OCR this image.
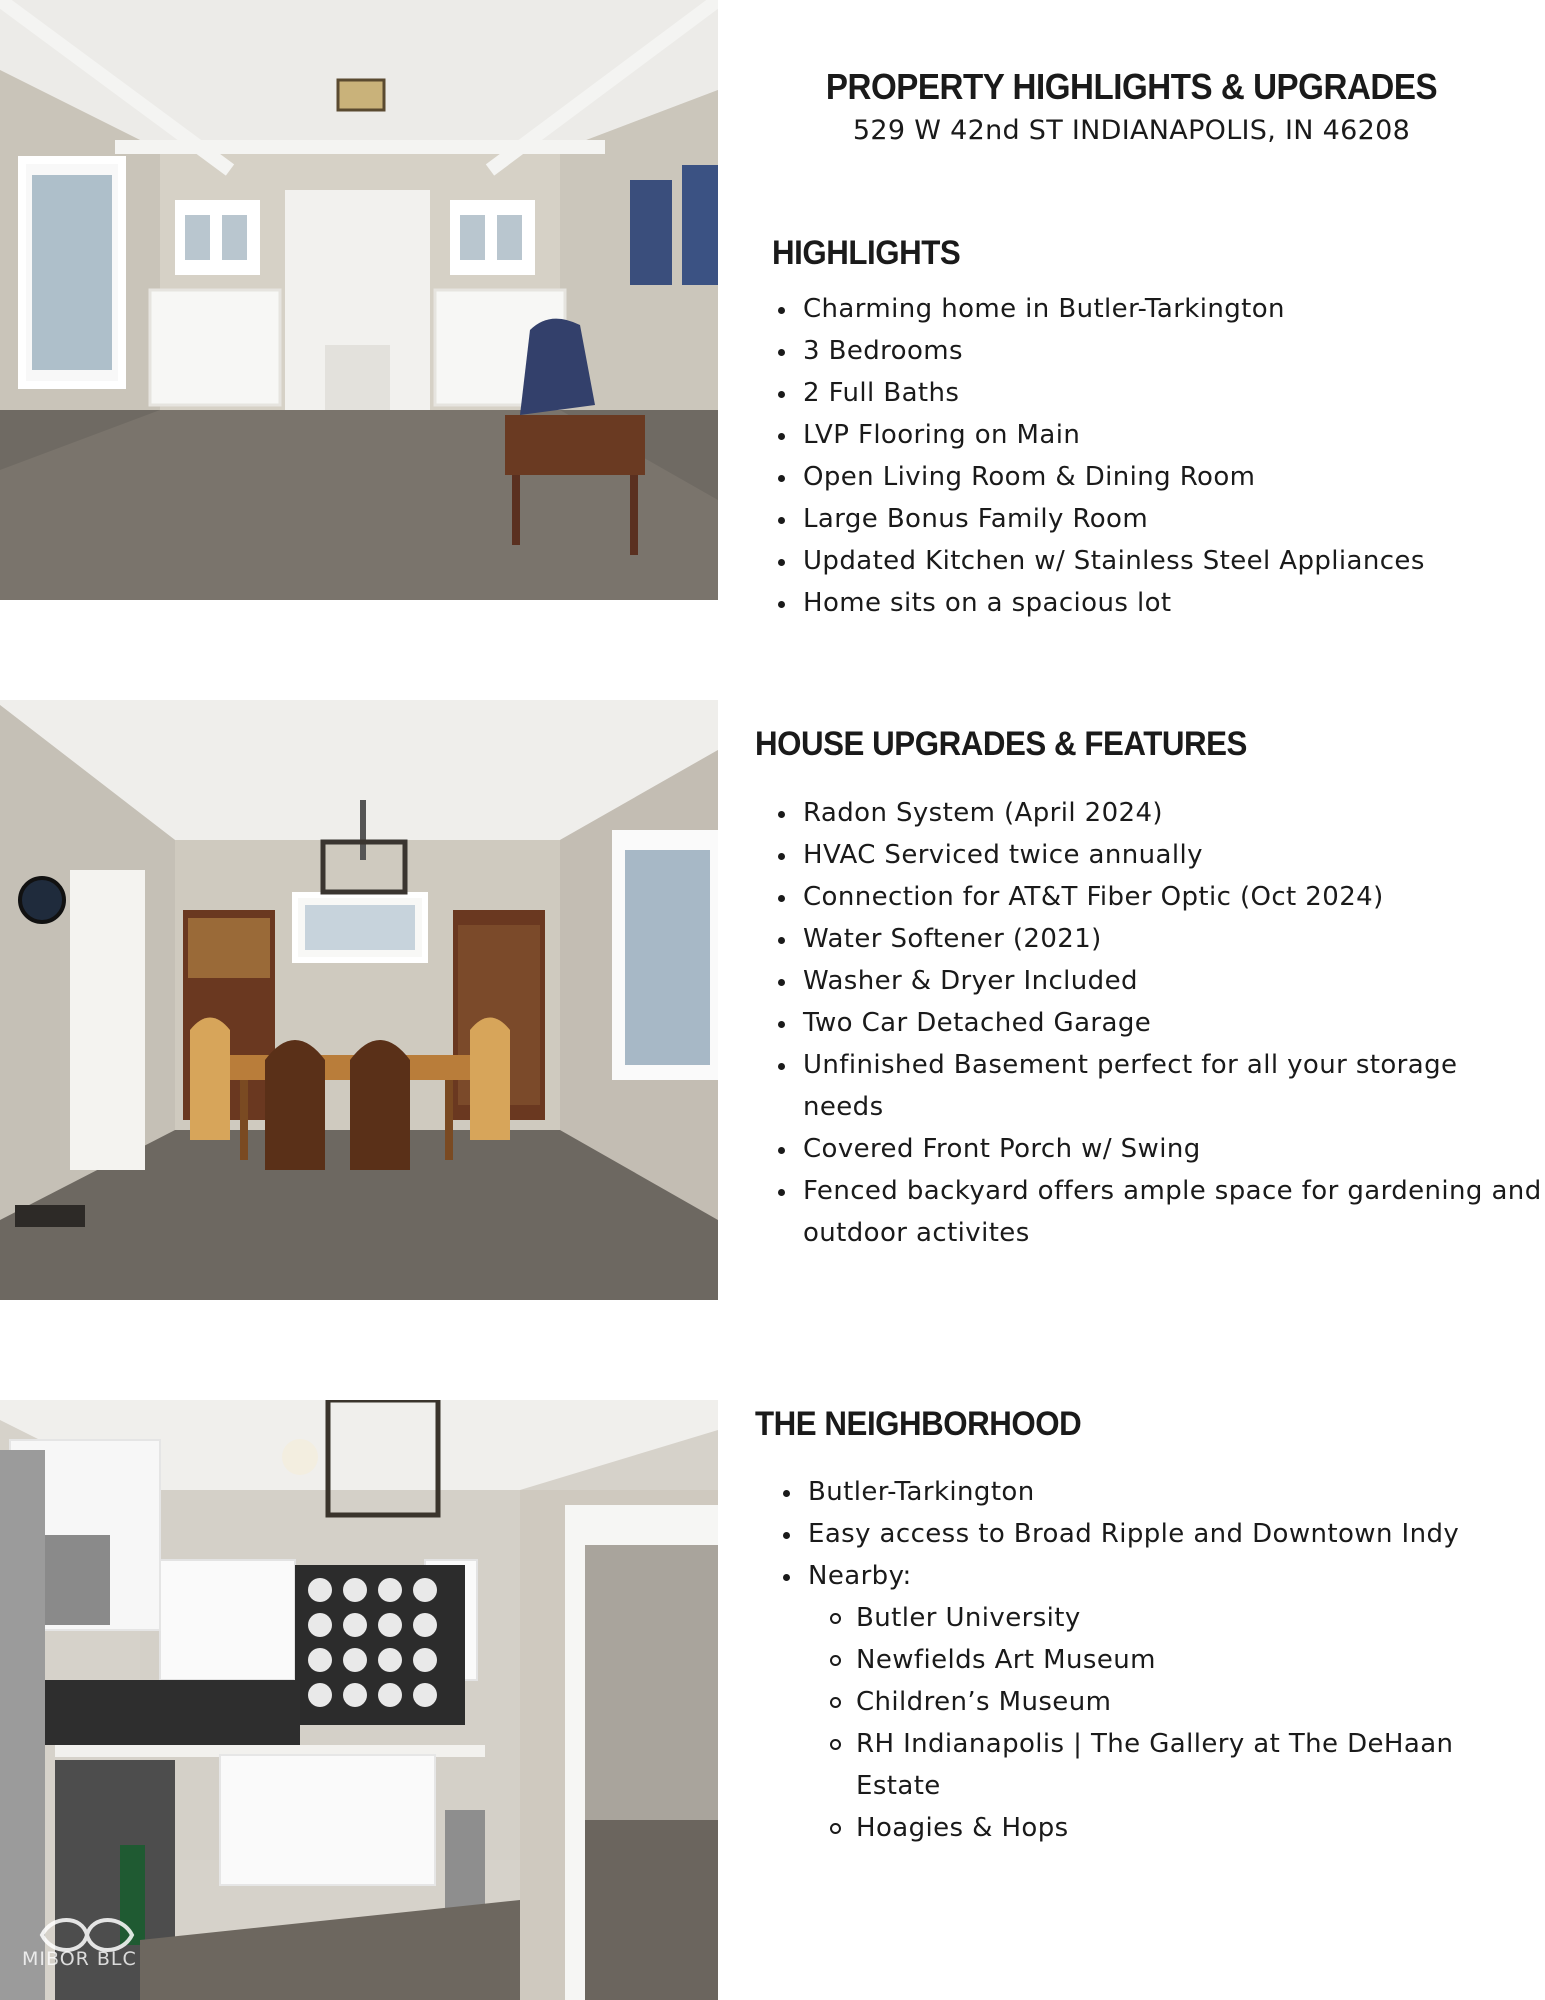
MIBOR BLC
PROPERTY HIGHLIGHTS & UPGRADES
529 W 42nd ST INDIANAPOLIS, IN 46208
HIGHLIGHTS
Charming home in Butler-Tarkington
3 Bedrooms
2 Full Baths
LVP Flooring on Main
Open Living Room & Dining Room
Large Bonus Family Room
Updated Kitchen w/ Stainless Steel Appliances
Home sits on a spacious lot
HOUSE UPGRADES & FEATURES
Radon System (April 2024)
HVAC Serviced twice annually
Connection for AT&T Fiber Optic (Oct 2024)
Water Softener (2021)
Washer & Dryer Included
Two Car Detached Garage
Unfinished Basement perfect for all your storage needs
Covered Front Porch w/ Swing
Fenced backyard offers ample space for gardening and outdoor activites
THE NEIGHBORHOOD
Butler-Tarkington
Easy access to Broad Ripple and Downtown Indy
Nearby:
Butler University
Newfields Art Museum
Children’s Museum
RH Indianapolis | The Gallery at The DeHaan Estate
Hoagies & Hops
